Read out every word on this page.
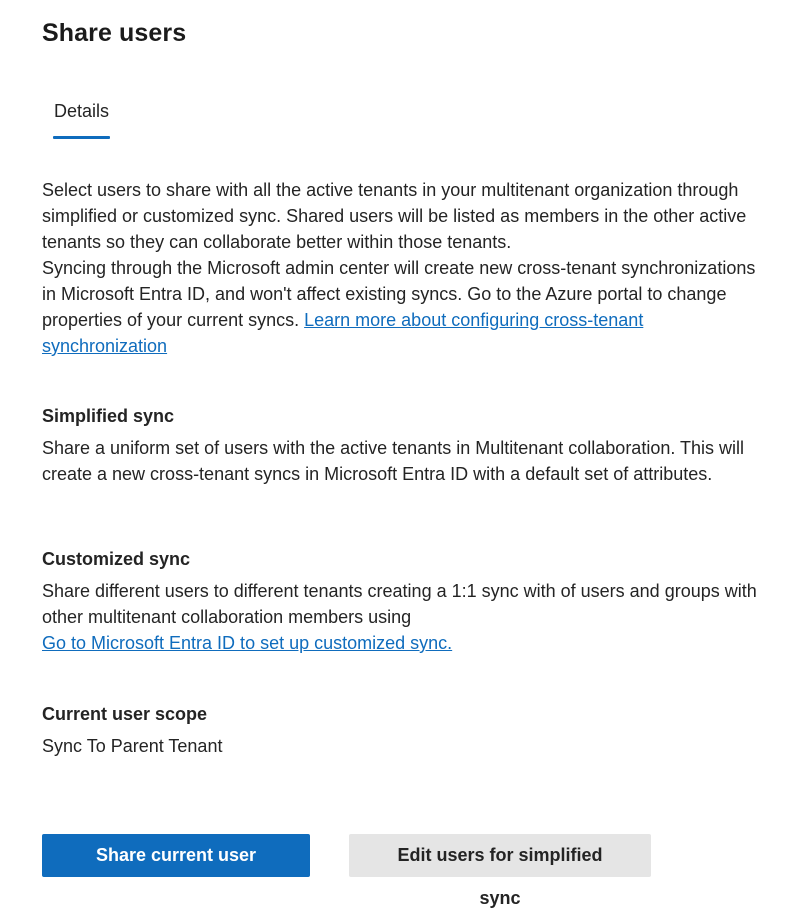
Share users
Details

Select users to share with all the active tenants in your multitenant organization through simplified or customized sync. Shared users will be listed as members in the other active tenants so they can collaborate better within those tenants.

Syncing through the Microsoft admin center will create new cross-tenant synchronizations in Microsoft Entra ID, and won't affect existing syncs. Go to the Azure portal to change properties of your current syncs. Learn more about configuring cross-tenant synchronization

Simplified sync

Share a uniform set of users with the active tenants in Multitenant collaboration. This will create a new cross-tenant syncs in Microsoft Entra ID with a default set of attributes.

Customized sync

Share different users to different tenants creating a 1:1 sync with of users and groups with other multitenant collaboration members using

Go to Microsoft Entra ID to set up customized sync.

Current user scope

Sync To Parent Tenant

Share current user scopeEdit users for simplified sync
